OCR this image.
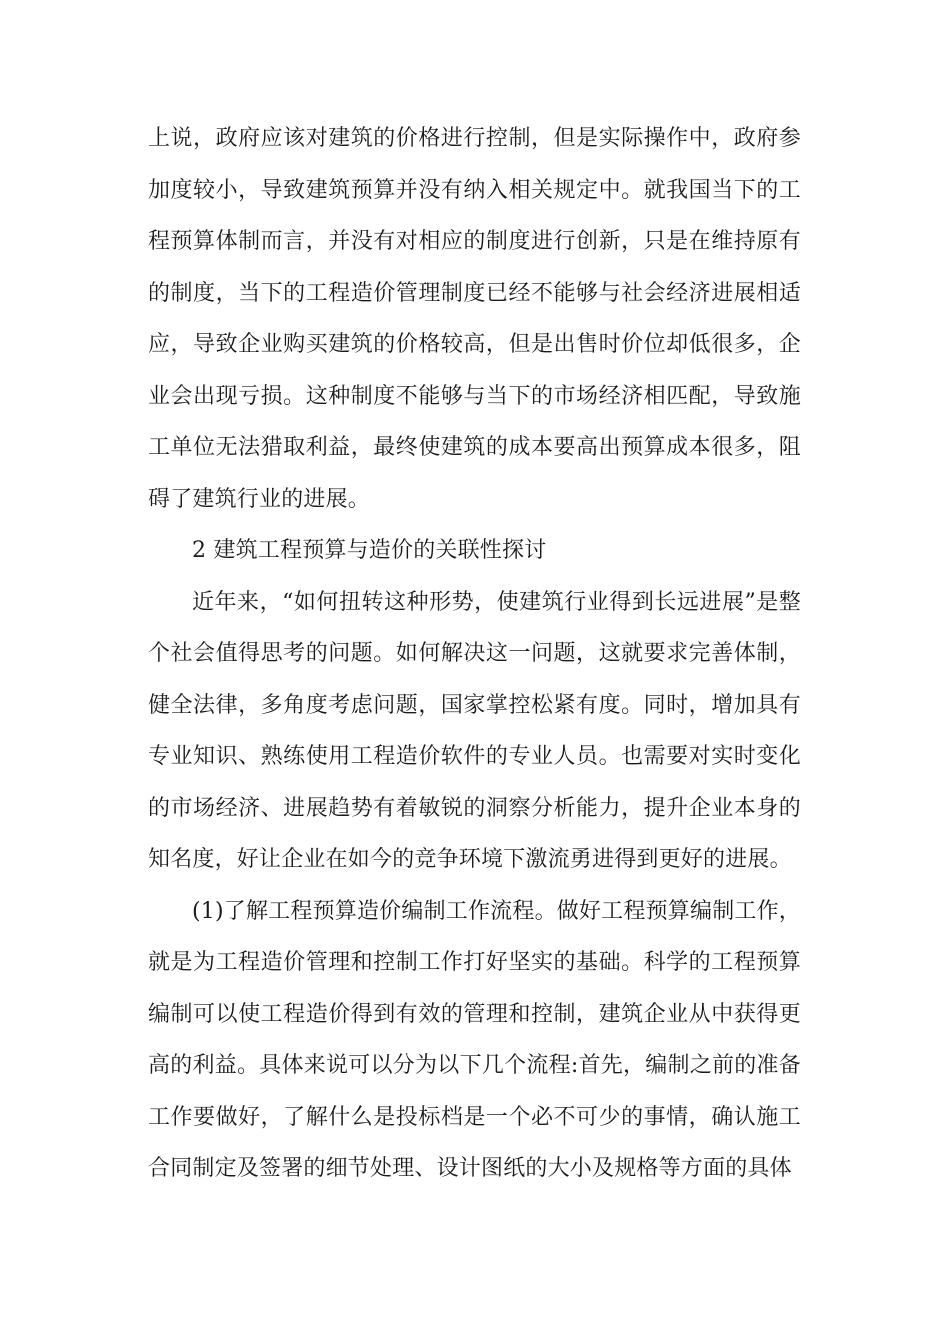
上说，政府应该对建筑的价格进行控制，但是实际操作中，政府参加度较小，导致建筑预算并没有纳入相关规定中。就我国当下的工程预算体制而言，并没有对相应的制度进行创新，只是在维持原有的制度，当下的工程造价管理制度已经不能够与社会经济进展相适应，导致企业购买建筑的价格较高，但是出售时价位却低很多，企业会出现亏损。这种制度不能够与当下的市场经济相匹配，导致施工单位无法猎取利益，最终使建筑的成本要高出预算成本很多，阻碍了建筑行业的进展。

2 建筑工程预算与造价的关联性探讨

近年来，“如何扭转这种形势，使建筑行业得到长远进展”是整个社会值得思考的问题。如何解决这一问题，这就要求完善体制，健全法律，多角度考虑问题，国家掌控松紧有度。同时，增加具有专业知识、熟练使用工程造价软件的专业人员。也需要对实时变化的市场经济、进展趋势有着敏锐的洞察分析能力，提升企业本身的知名度，好让企业在如今的竞争环境下激流勇进得到更好的进展。

(1)了解工程预算造价编制工作流程。做好工程预算编制工作，就是为工程造价管理和控制工作打好坚实的基础。科学的工程预算编制可以使工程造价得到有效的管理和控制，建筑企业从中获得更高的利益。具体来说可以分为以下几个流程:首先，编制之前的准备工作要做好，了解什么是投标档是一个必不可少的事情，确认施工合同制定及签署的细节处理、设计图纸的大小及规格等方面的具体
